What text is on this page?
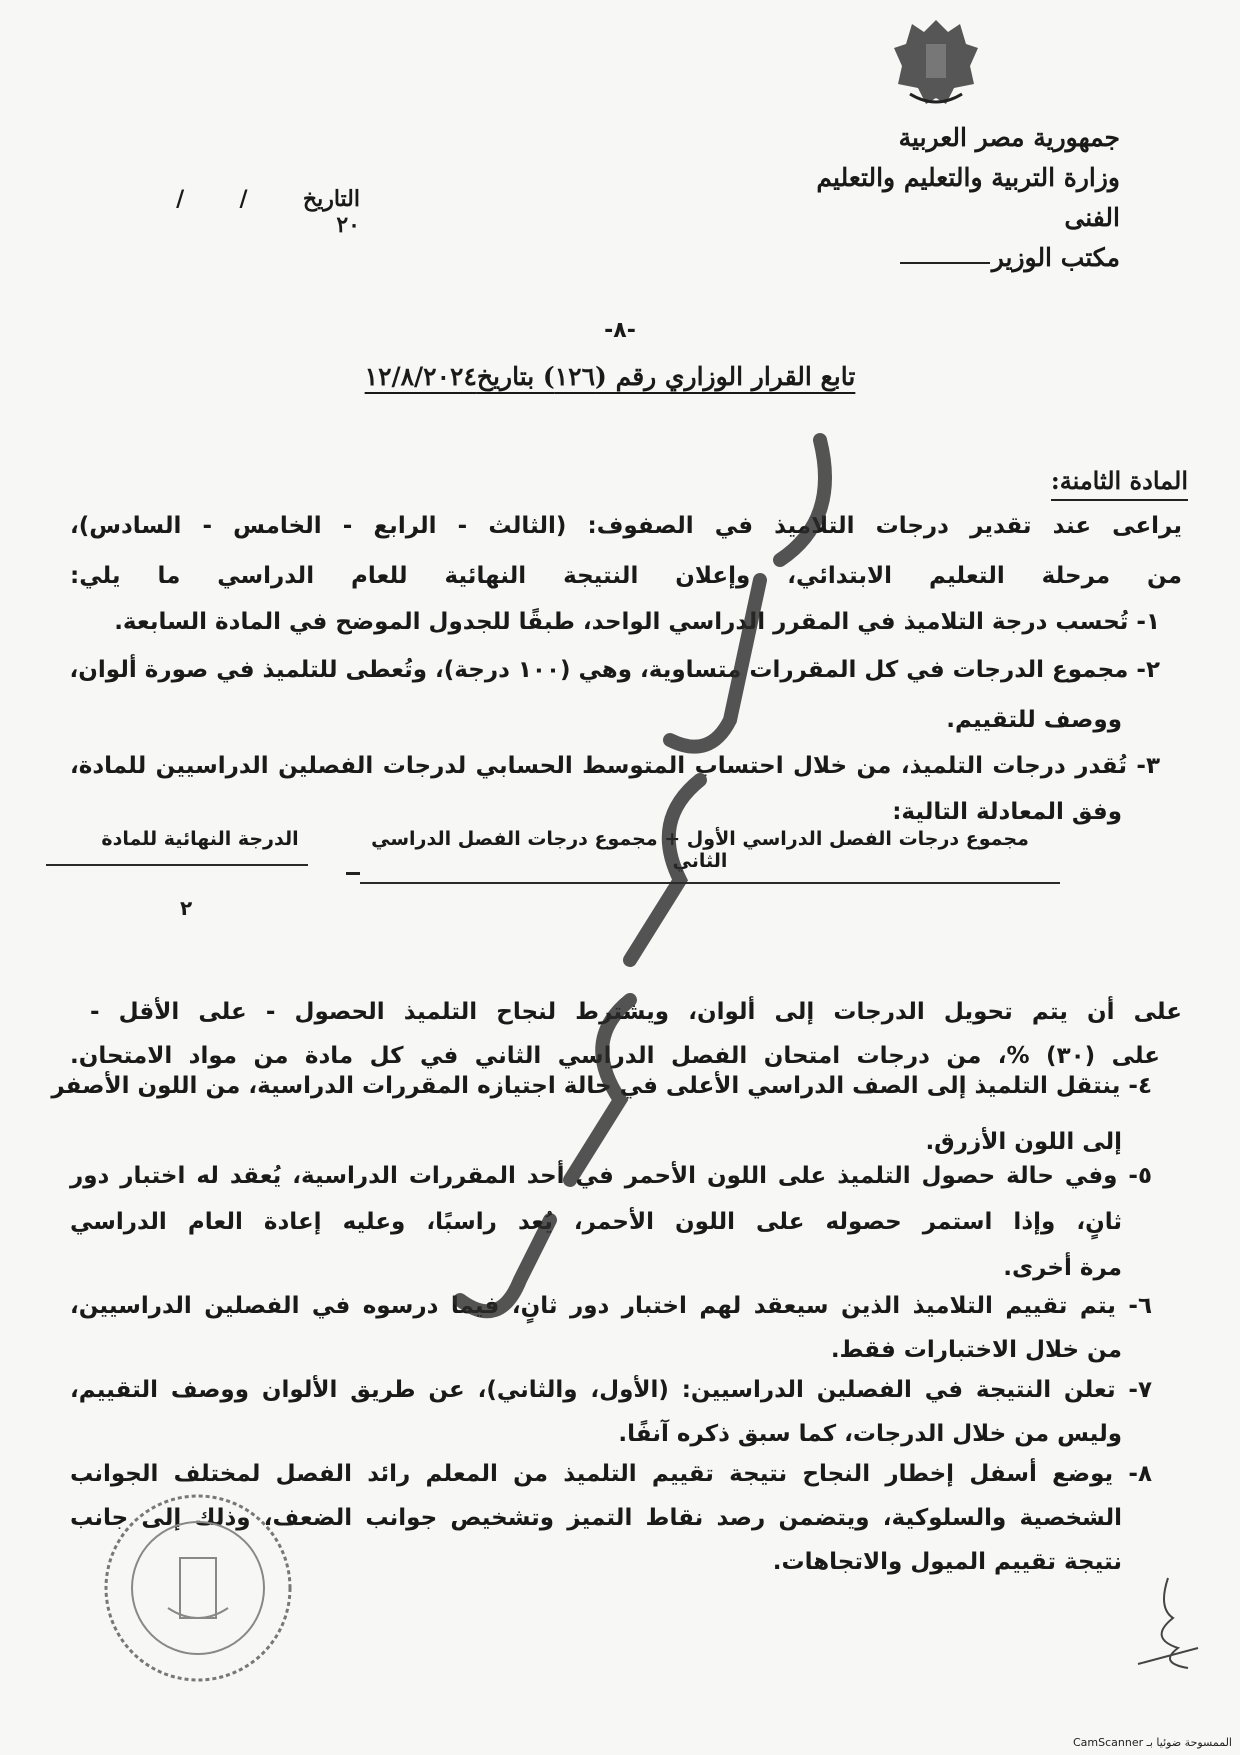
جمهورية مصر العربية
وزارة التربية والتعليم والتعليم الفنى
مكتب الوزير
التاريخ  /  /  ٢٠
-٨-
تابع القرار الوزاري رقم (١٢٦) بتاريخ١٢/٨/٢٠٢٤
المادة الثامنة:
يراعى عند تقدير درجات التلاميذ في الصفوف: (الثالث - الرابع - الخامس - السادس)،
من مرحلة التعليم الابتدائي، وإعلان النتيجة النهائية للعام الدراسي ما يلي:
١- تُحسب درجة التلاميذ في المقرر الدراسي الواحد، طبقًا للجدول الموضح في المادة السابعة.
٢- مجموع الدرجات في كل المقررات متساوية، وهي (١٠٠ درجة)، وتُعطى للتلميذ في صورة ألوان،
ووصف للتقييم.
٣- تُقدر درجات التلميذ، من خلال احتساب المتوسط الحسابي لدرجات الفصلين الدراسيين للمادة،
وفق المعادلة التالية:
مجموع درجات الفصل الدراسي الأول + مجموع درجات الفصل الدراسي الثاني
الدرجة النهائية للمادة
٢
على أن يتم تحويل الدرجات إلى ألوان، ويشترط لنجاح التلميذ الحصول - على الأقل -
على (٣٠) %، من درجات امتحان الفصل الدراسي الثاني في كل مادة من مواد الامتحان.
٤- ينتقل التلميذ إلى الصف الدراسي الأعلى في حالة اجتيازه المقررات الدراسية، من اللون الأصفر
إلى اللون الأزرق.
٥- وفي حالة حصول التلميذ على اللون الأحمر في أحد المقررات الدراسية، يُعقد له اختبار دور
ثانٍ، وإذا استمر حصوله على اللون الأحمر، يُعد راسبًا، وعليه إعادة العام الدراسي
مرة أخرى.
٦- يتم تقييم التلاميذ الذين سيعقد لهم اختبار دور ثانٍ، فيما درسوه في الفصلين الدراسيين،
من خلال الاختبارات فقط.
٧- تعلن النتيجة في الفصلين الدراسيين: (الأول، والثاني)، عن طريق الألوان ووصف التقييم،
وليس من خلال الدرجات، كما سبق ذكره آنفًا.
٨- يوضع أسفل إخطار النجاح نتيجة تقييم التلميذ من المعلم رائد الفصل لمختلف الجوانب
الشخصية والسلوكية، ويتضمن رصد نقاط التميز وتشخيص جوانب الضعف، وذلك إلى جانب
نتيجة تقييم الميول والاتجاهات.
الممسوحة ضوئيا بـ CamScanner
